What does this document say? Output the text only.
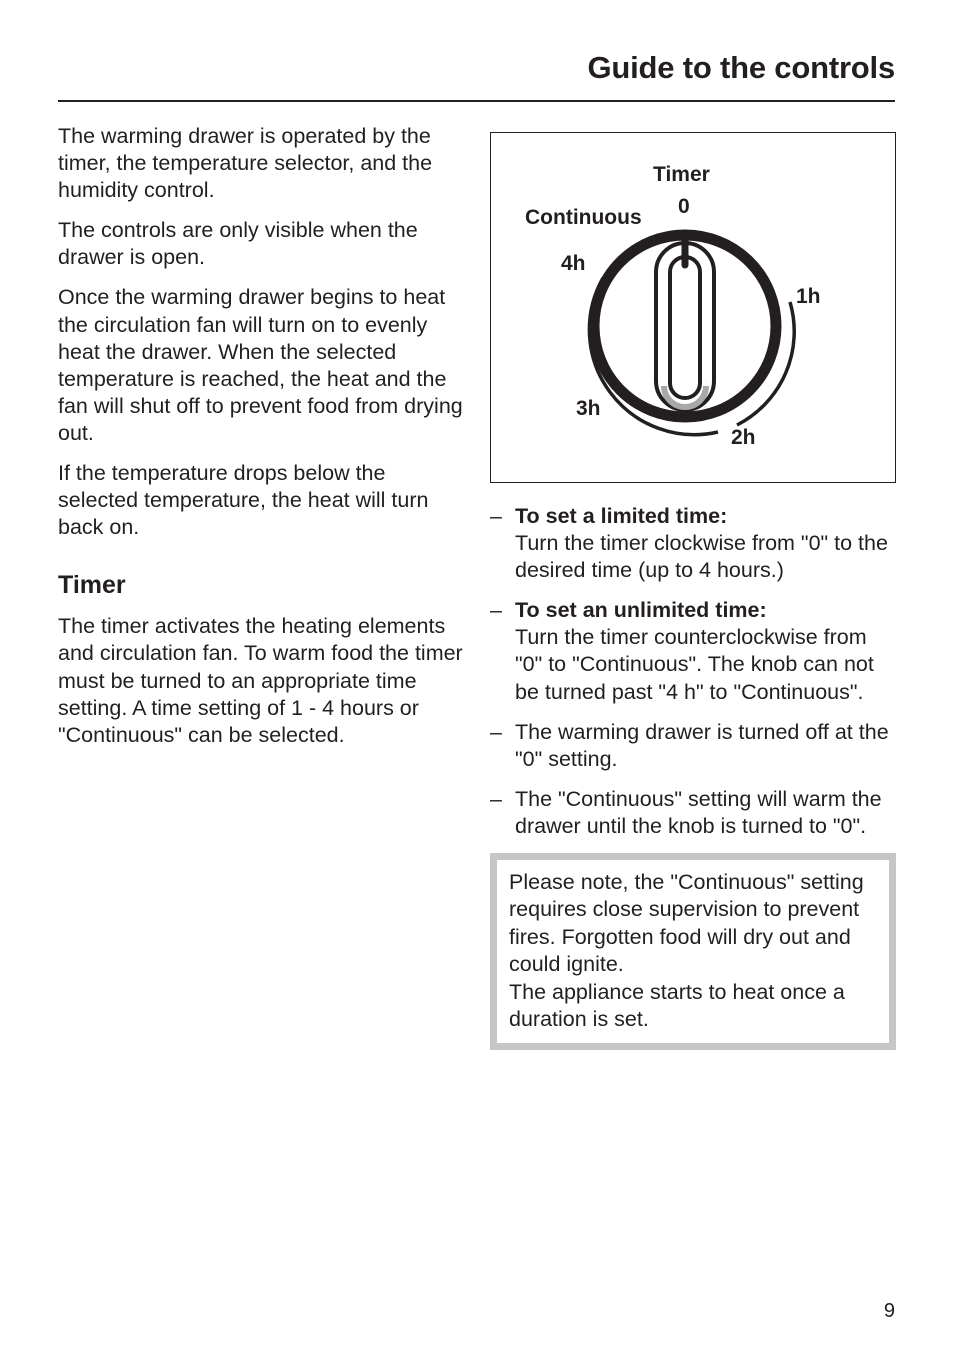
Guide to the controls

The warming drawer is operated by the timer, the temperature selector, and the humidity control.

The controls are only visible when the drawer is open.

Once the warming drawer begins to heat the circulation fan will turn on to evenly heat the drawer. When the selected temperature is reached, the heat and the fan will shut off to prevent food from drying out.

If the temperature drops below the selected temperature, the heat will turn back on.

Timer

The timer activates the heating elements and circulation fan. To warm food the timer must be turned to an appropriate time setting. A time setting of 1 - 4 hours or "Continuous" can be selected.

Timer
0
Continuous
4h
1h
3h
2h
– To set a limited time:
Turn the timer clockwise from "0" to the desired time (up to 4 hours.)
– To set an unlimited time:
Turn the timer counterclockwise from "0" to "Continuous". The knob can not be turned past "4 h" to "Continuous".
– The warming drawer is turned off at the "0" setting.
– The "Continuous" setting will warm the drawer until the knob is turned to "0".
Please note, the "Continuous" setting requires close supervision to prevent fires. Forgotten food will dry out and could ignite.
The appliance starts to heat once a duration is set.
9
